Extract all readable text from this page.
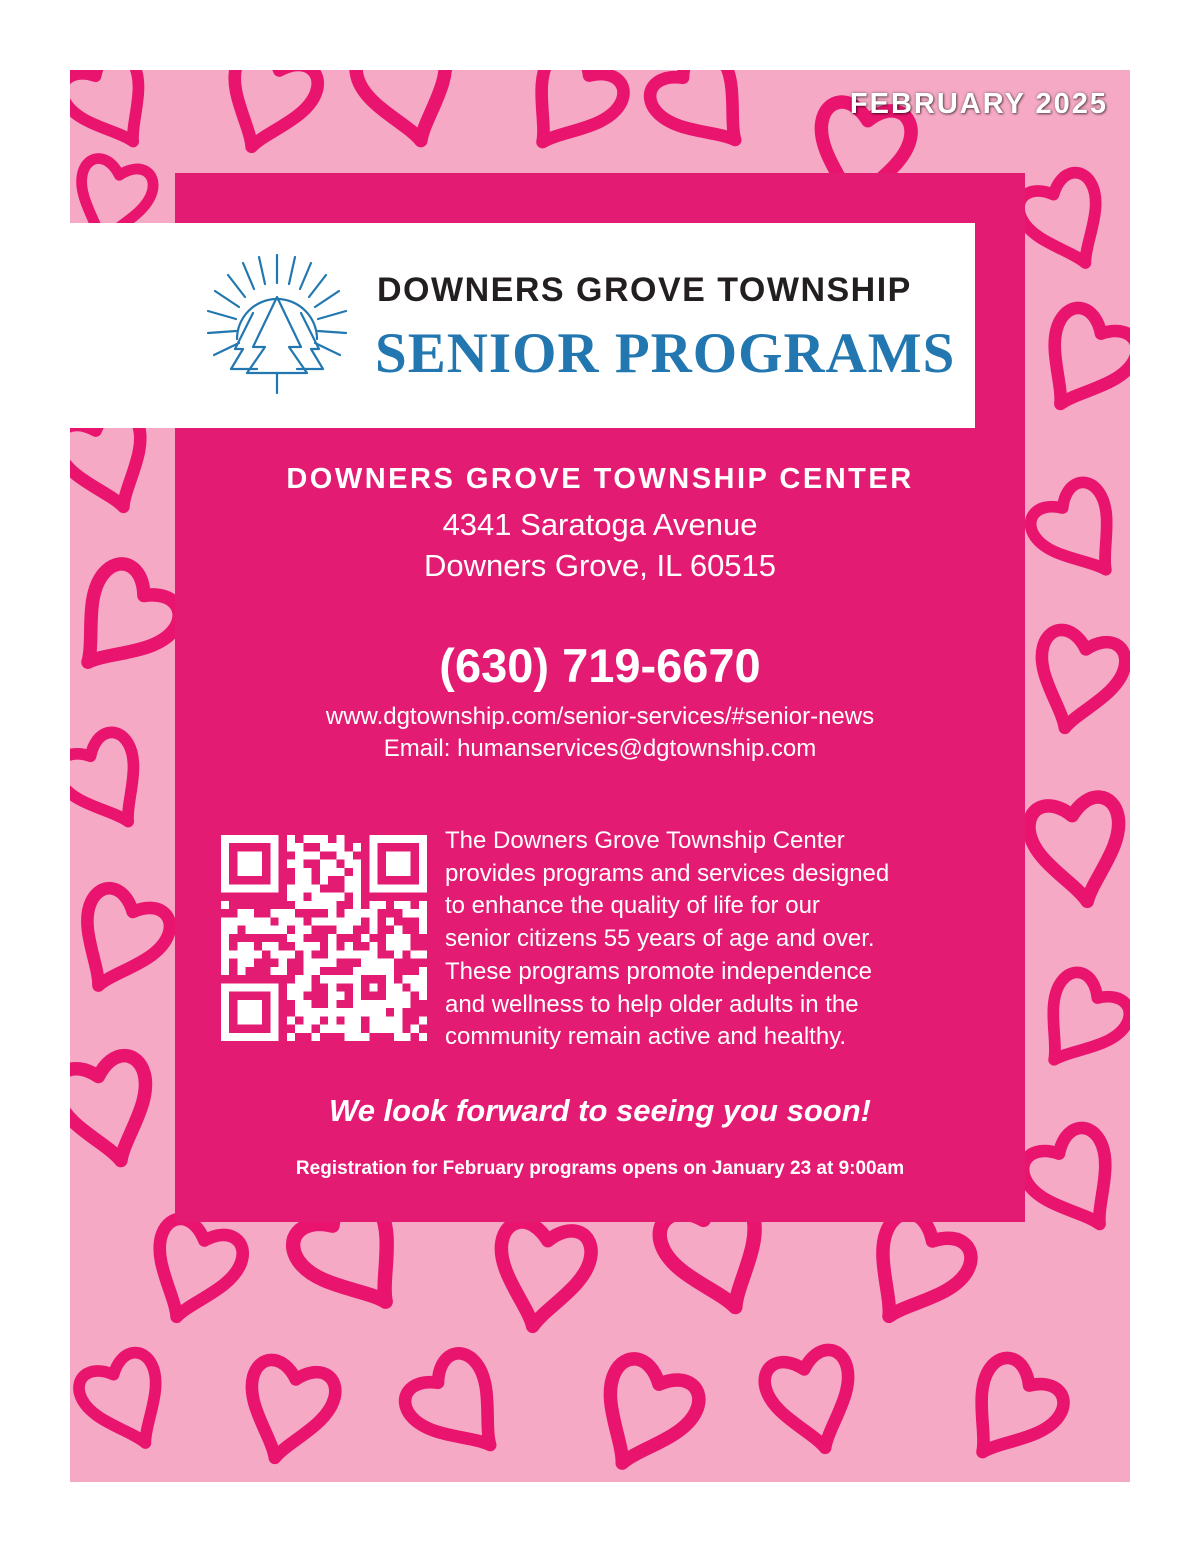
FEBRUARY 2025
DOWNERS GROVE TOWNSHIP
SENIOR PROGRAMS
DOWNERS GROVE TOWNSHIP CENTER
4341 Saratoga Avenue
Downers Grove, IL 60515
(630) 719-6670
www.dgtownship.com/senior-services/#senior-news
Email: humanservices@dgtownship.com

The Downers Grove Township Center
provides programs and services designed
to enhance the quality of life for our
senior citizens 55 years of age and over.
These programs promote independence
and wellness to help older adults in the
community remain active and healthy.

We look forward to seeing you soon!
Registration for February programs opens on January 23 at 9:00am
